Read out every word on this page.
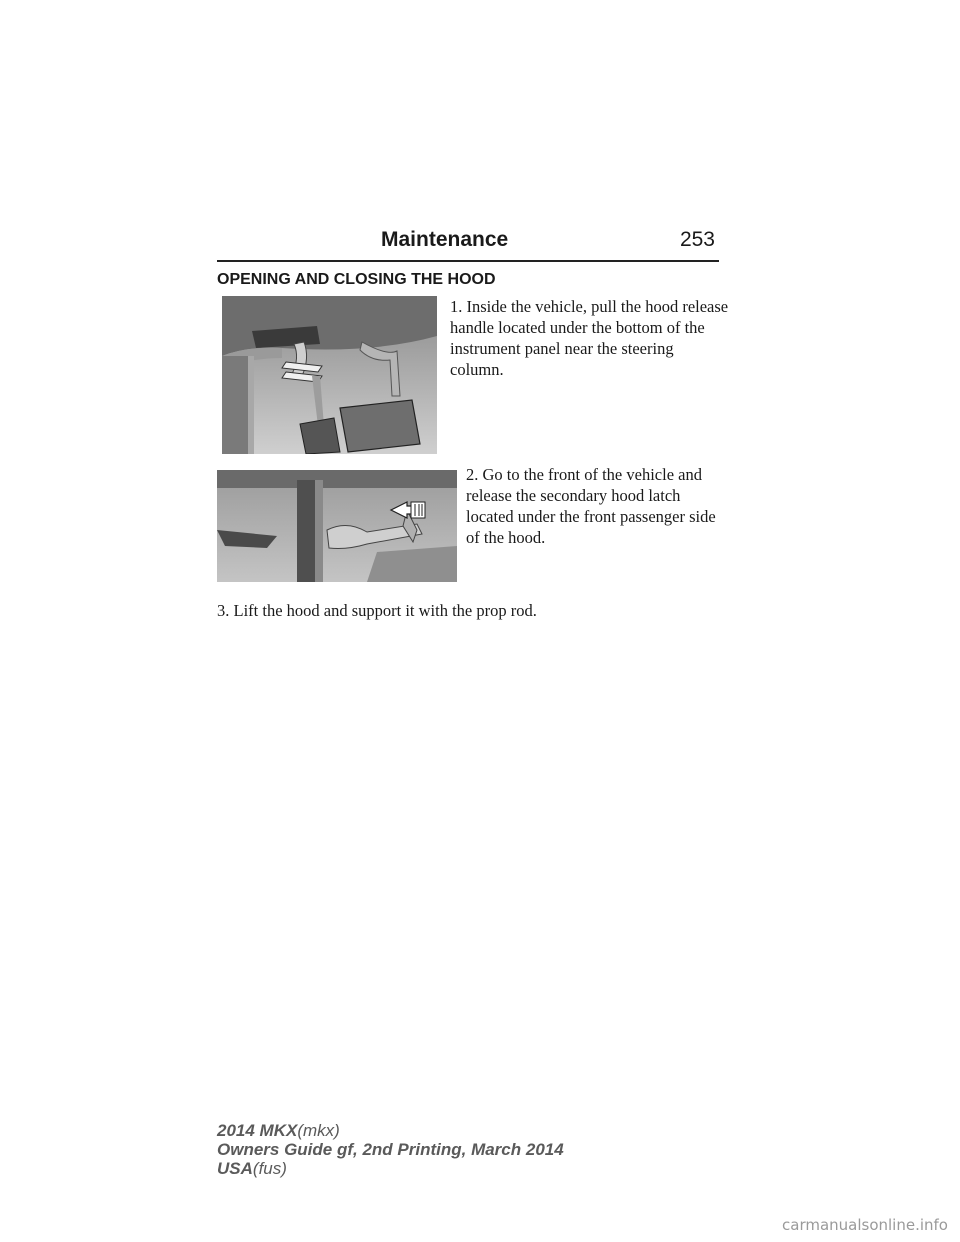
Maintenance	253
OPENING AND CLOSING THE HOOD
1. Inside the vehicle, pull the hood release handle located under the bottom of the instrument panel near the steering column.
2. Go to the front of the vehicle and release the secondary hood latch located under the front passenger side of the hood.
3. Lift the hood and support it with the prop rod.
2014 MKX(mkx)
Owners Guide gf, 2nd Printing, March 2014
USA(fus)
carmanualsonline.info
